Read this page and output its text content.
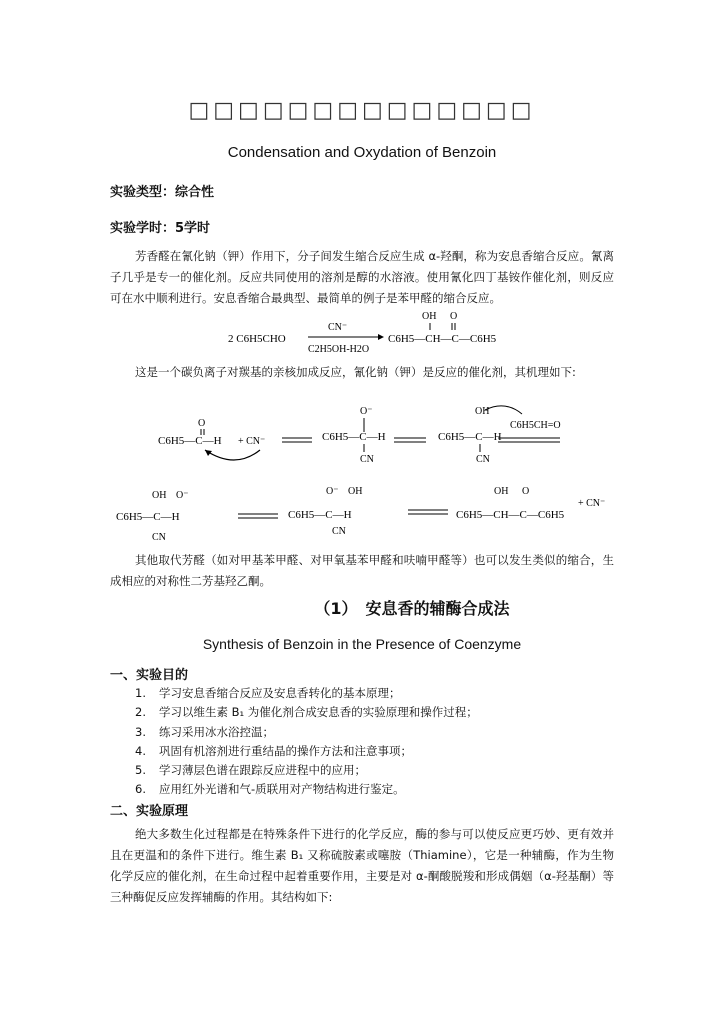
□□□□□□□□□□□□□□
Condensation and Oxydation of Benzoin
实验类型：综合性
实验学时：5学时
芳香醛在氰化钠（钾）作用下，分子间发生缩合反应生成 α-羟酮，称为安息香缩合反应。氰离子几乎是专一的催化剂。反应共同使用的溶剂是醇的水溶液。使用氰化四丁基铵作催化剂，则反应可在水中顺利进行。安息香缩合最典型、最简单的例子是苯甲醛的缩合反应。
2 C6H5CHO
CN⁻
C2H5OH-H2O
OH O
C6H5—CH—C—C6H5
这是一个碳负离子对羰基的亲核加成反应，氰化钠（钾）是反应的催化剂，其机理如下:
O
C6H5—C—H + CN⁻
O⁻
C6H5—C—H
CN
OH
C6H5CH=O
C6H5—C—H
CN
OH O⁻
C6H5—C—H
CN
O⁻ OH
C6H5—C—H
CN
OH O
C6H5—CH—C—C6H5
+ CN⁻
其他取代芳醛（如对甲基苯甲醛、对甲氧基苯甲醛和呋喃甲醛等）也可以发生类似的缩合，生成相应的对称性二芳基羟乙酮。
（1）　安息香的辅酶合成法
Synthesis of Benzoin in the Presence of Coenzyme
一、实验目的
1. 学习安息香缩合反应及安息香转化的基本原理；
2. 学习以维生素 B₁ 为催化剂合成安息香的实验原理和操作过程；
3. 练习采用冰水浴控温；
4. 巩固有机溶剂进行重结晶的操作方法和注意事项；
5. 学习薄层色谱在跟踪反应进程中的应用；
6. 应用红外光谱和气-质联用对产物结构进行鉴定。
二、实验原理
绝大多数生化过程都是在特殊条件下进行的化学反应，酶的参与可以使反应更巧妙、更有效并且在更温和的条件下进行。维生素 B₁ 又称硫胺素或噻胺（Thiamine），它是一种辅酶，作为生物化学反应的催化剂，在生命过程中起着重要作用，主要是对 α-酮酸脱羧和形成偶姻（α-羟基酮）等三种酶促反应发挥辅酶的作用。其结构如下:
